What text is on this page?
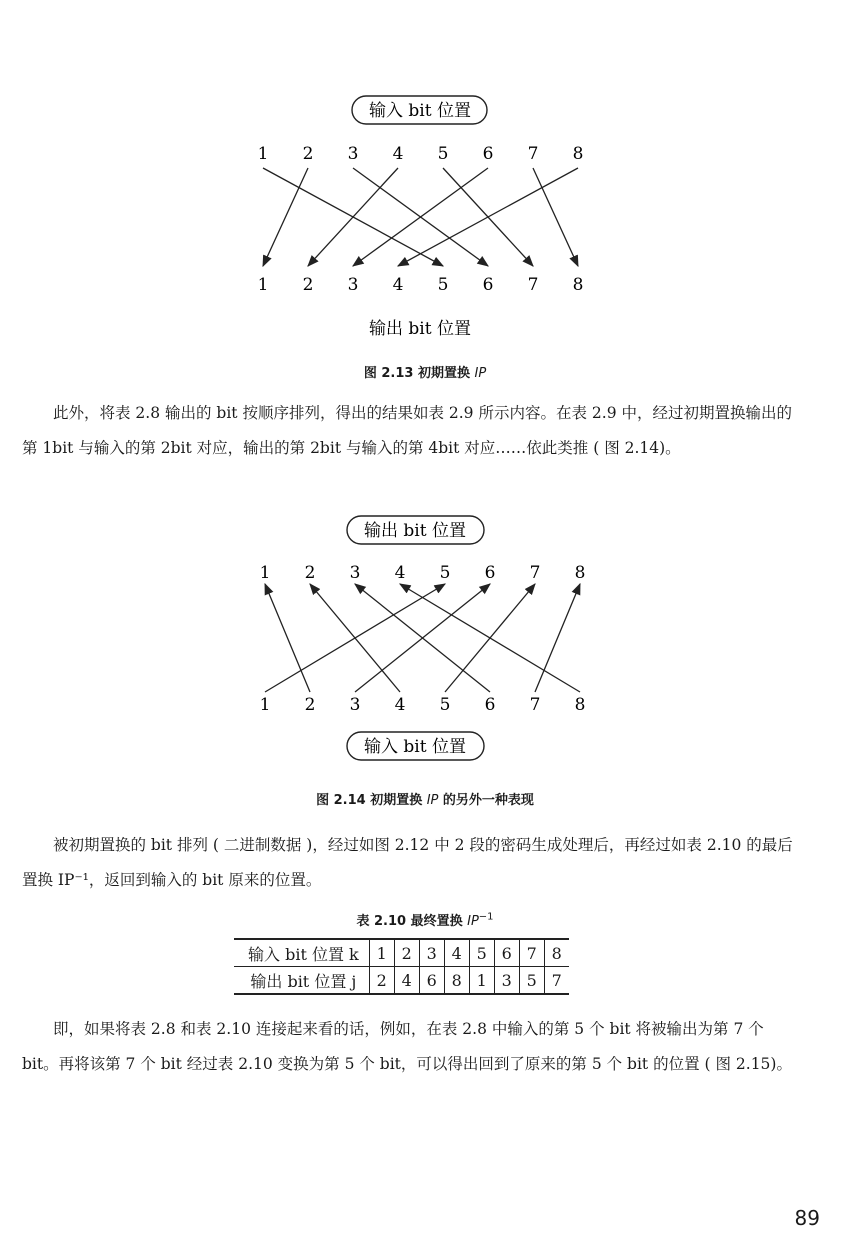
输入 bit 位置
1 2 3 4 5 6 7 8
1 2 3 4 5 6 7 8
输出 bit 位置
图 2.13 初期置换 IP

此外，将表 2.8 输出的 bit 按顺序排列，得出的结果如表 2.9 所示内容。在表 2.9 中，经过初期置换输出的第 1bit 与输入的第 2bit 对应，输出的第 2bit 与输入的第 4bit 对应……依此类推 ( 图 2.14)。

输出 bit 位置
1 2 3 4 5 6 7 8
1 2 3 4 5 6 7 8
输入 bit 位置
图 2.14 初期置换 IP 的另外一种表现

被初期置换的 bit 排列 ( 二进制数据 )，经过如图 2.12 中 2 段的密码生成处理后，再经过如表 2.10 的最后置换 IP⁻¹，返回到输入的 bit 原来的位置。

表 2.10 最终置换 $IP^{-1}$
输入 bit 位置 k	1	2	3	4	5	6	7	8
输出 bit 位置 j	2	4	6	8	1	3	5	7

即，如果将表 2.8 和表 2.10 连接起来看的话，例如，在表 2.8 中输入的第 5 个 bit 将被输出为第 7 个 bit。再将该第 7 个 bit 经过表 2.10 变换为第 5 个 bit，可以得出回到了原来的第 5 个 bit 的位置 ( 图 2.15)。

89
